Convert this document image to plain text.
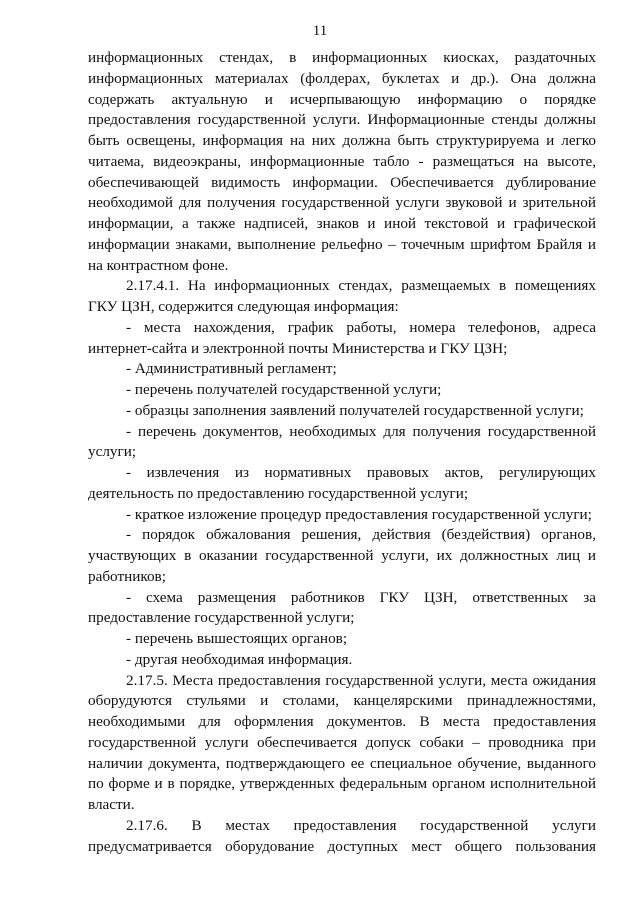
11

информационных стендах, в информационных киосках, раздаточных информационных материалах (фолдерах, буклетах и др.). Она должна содержать актуальную и исчерпывающую информацию о порядке предоставления государственной услуги. Информационные стенды должны быть освещены, информация на них должна быть структурируема и легко читаема, видеоэкраны, информационные табло - размещаться на высоте, обеспечивающей видимость информации. Обеспечивается дублирование необходимой для получения государственной услуги звуковой и зрительной информации, а также надписей, знаков и иной текстовой и графической информации знаками, выполнение рельефно – точечным шрифтом Брайля и на контрастном фоне.

2.17.4.1. На информационных стендах, размещаемых в помещениях ГКУ ЦЗН, содержится следующая информация:

- места нахождения, график работы, номера телефонов, адреса интернет-сайта и электронной почты Министерства и ГКУ ЦЗН;

- Административный регламент;

- перечень получателей государственной услуги;

- образцы заполнения заявлений получателей государственной услуги;

- перечень документов, необходимых для получения государственной услуги;

- извлечения из нормативных правовых актов, регулирующих деятельность по предоставлению государственной услуги;

- краткое изложение процедур предоставления государственной услуги;

- порядок обжалования решения, действия (бездействия) органов, участвующих в оказании государственной услуги, их должностных лиц и работников;

- схема размещения работников ГКУ ЦЗН, ответственных за предоставление государственной услуги;

- перечень вышестоящих органов;

- другая необходимая информация.

2.17.5. Места предоставления государственной услуги, места ожидания оборудуются стульями и столами, канцелярскими принадлежностями, необходимыми для оформления документов. В места предоставления государственной услуги обеспечивается допуск собаки – проводника при наличии документа, подтверждающего ее специальное обучение, выданного по форме и в порядке, утвержденных федеральным органом исполнительной власти.

2.17.6. В местах предоставления государственной услуги предусматривается оборудование доступных мест общего пользования
